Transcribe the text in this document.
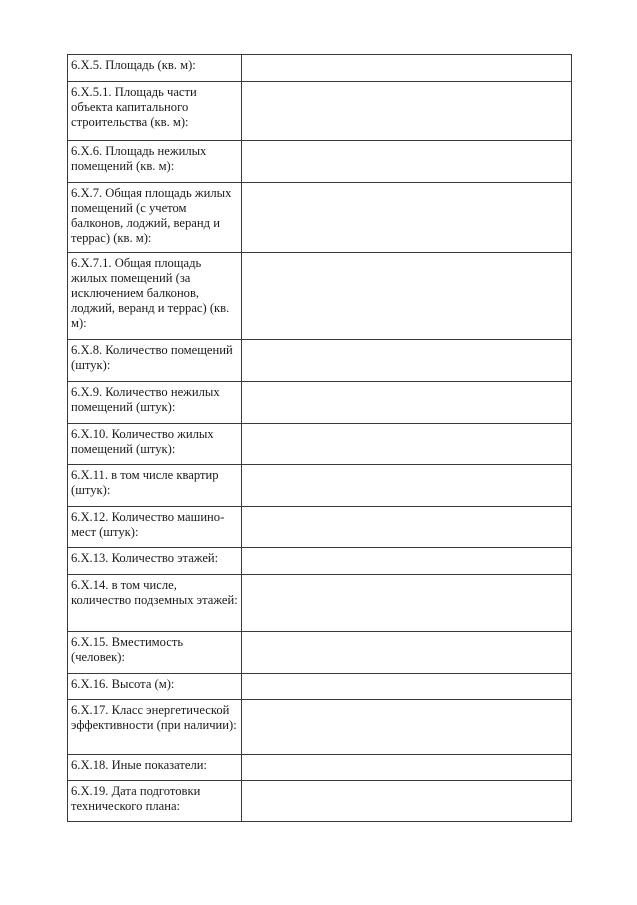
6.X.5. Площадь (кв. м):	

6.X.5.1. Площадь части объекта капитального строительства (кв. м):	

6.X.6. Площадь нежилых помещений (кв. м):	

6.X.7. Общая площадь жилых помещений (с учетом балконов, лоджий, веранд и террас) (кв. м):	

6.X.7.1. Общая площадь жилых помещений (за исключением балконов, лоджий, веранд и террас) (кв. м):	

6.X.8. Количество помещений (штук):	

6.X.9. Количество нежилых помещений (штук):	

6.X.10. Количество жилых помещений (штук):	

6.X.11. в том числе квартир (штук):	

6.X.12. Количество машино-мест (штук):	

6.X.13. Количество этажей:	

6.X.14. в том числе, количество подземных этажей:	

6.X.15. Вместимость (человек):	

6.X.16. Высота (м):	

6.X.17. Класс энергетической эффективности (при наличии):	

6.X.18. Иные показатели:	

6.X.19. Дата подготовки технического плана:	
